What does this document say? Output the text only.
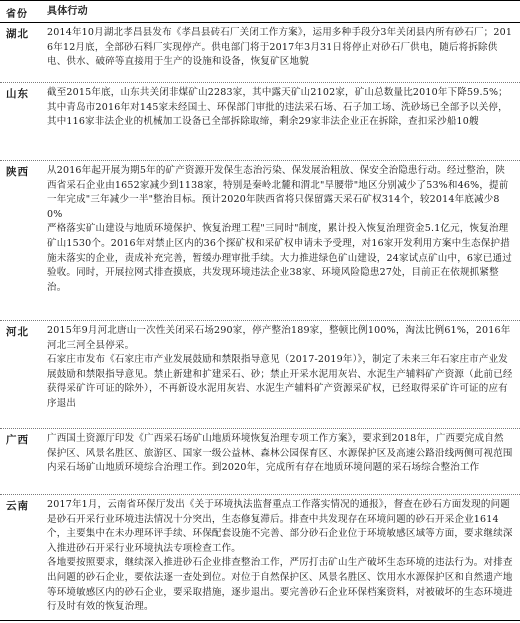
省份 具体行动
湖北 2014年10月湖北孝昌县发布《孝昌县砖石厂关闭工作方案》，运用多种手段分3年关闭县内所有砂石厂；2016年12月底，全部砂石料厂实现停产。供电部门将于2017年3月31日将停止对砂石厂供电，随后将拆除供电、供水、破碎等直接用于生产的设施和设备，恢复矿区地貌
山东 截至2015年底，山东共关闭非煤矿山2283家，其中露天矿山2102家，矿山总数量比2010年下降59.5%；其中青岛市2016年对145家未经国土、环保部门审批的违法采石场、石子加工场、洗砂场已全部予以关停，其中116家非法企业的机械加工设备已全部拆除取缔，剩余29家非法企业正在拆除，查扣采沙船10艘
陕西 从2016年起开展为期5年的矿产资源开发保生态治污染、保发展治粗放、保安全治隐患行动。经过整治，陕西省采石企业由1652家减少到1138家，特别是秦岭北麓和渭北"旱腰带"地区分别减少了53%和46%，提前一年完成"三年减少一半"整治目标。预计2020年陕西省将只保留露天采石矿权314个，较2014年底减少80%
严格落实矿山建设与地质环境保护、恢复治理工程"三同时"制度，累计投入恢复治理资金5.1亿元，恢复治理矿山1530个。2016年对禁止区内的36个探矿权和采矿权申请未予受理，对16家开发利用方案中生态保护措施未落实的企业，责成补充完善，暂缓办理审批手续。大力推进绿色矿山建设，24家试点矿山中，6家已通过验收。同时，开展拉网式排查摸底，共发现环境违法企业38家、环境风险隐患27处，目前正在依规抓紧整治。
河北 2015年9月河北唐山一次性关闭采石场290家，停产整治189家，整顿比例100%，淘汰比例61%，2016年河北三河全县停采。
石家庄市发布《石家庄市产业发展鼓励和禁限指导意见（2017-2019年）》，制定了未来三年石家庄市产业发展鼓励和禁限指导意见。禁止新建和扩建采石、砂；禁止开采水泥用灰岩、水泥生产辅料矿产资源（此前已经获得采矿许可证的除外），不再新设水泥用灰岩、水泥生产辅料矿产资源采矿权，已经取得采矿许可证的应有序退出
广西 广西国土资源厅印发《广西采石场矿山地质环境恢复治理专项工作方案》，要求到2018年，广西要完成自然保护区、风景名胜区、旅游区、国家一级公益林、森林公园保育区、水源保护区及高速公路沿线两侧可视范围内采石场矿山地质环境综合治理工作。到2020年，完成所有存在地质环境问题的采石场综合整治工作
云南 2017年1月，云南省环保厅发出《关于环境执法监督重点工作落实情况的通报》，督查在砂石方面发现的问题是砂石开采行业环境违法情况十分突出，生态修复滞后。排查中共发现存在环境问题的砂石开采企业1614个，主要集中在未办理环评手续、环保配套设施不完善、部分砂石企业位于环境敏感区域等方面，要求继续深入推进砂石开采行业环境执法专项检查工作。
各地要按照要求，继续深入推进砂石企业排查整治工作，严厉打击矿山生产破坏生态环境的违法行为。对排查出问题的砂石企业，要依法逐一查处到位。对位于自然保护区、风景名胜区、饮用水水源保护区和自然遗产地等环境敏感区内的砂石企业，要采取措施，逐步退出。要完善砂石企业环保档案资料，对被破坏的生态环境进行及时有效的恢复治理。
